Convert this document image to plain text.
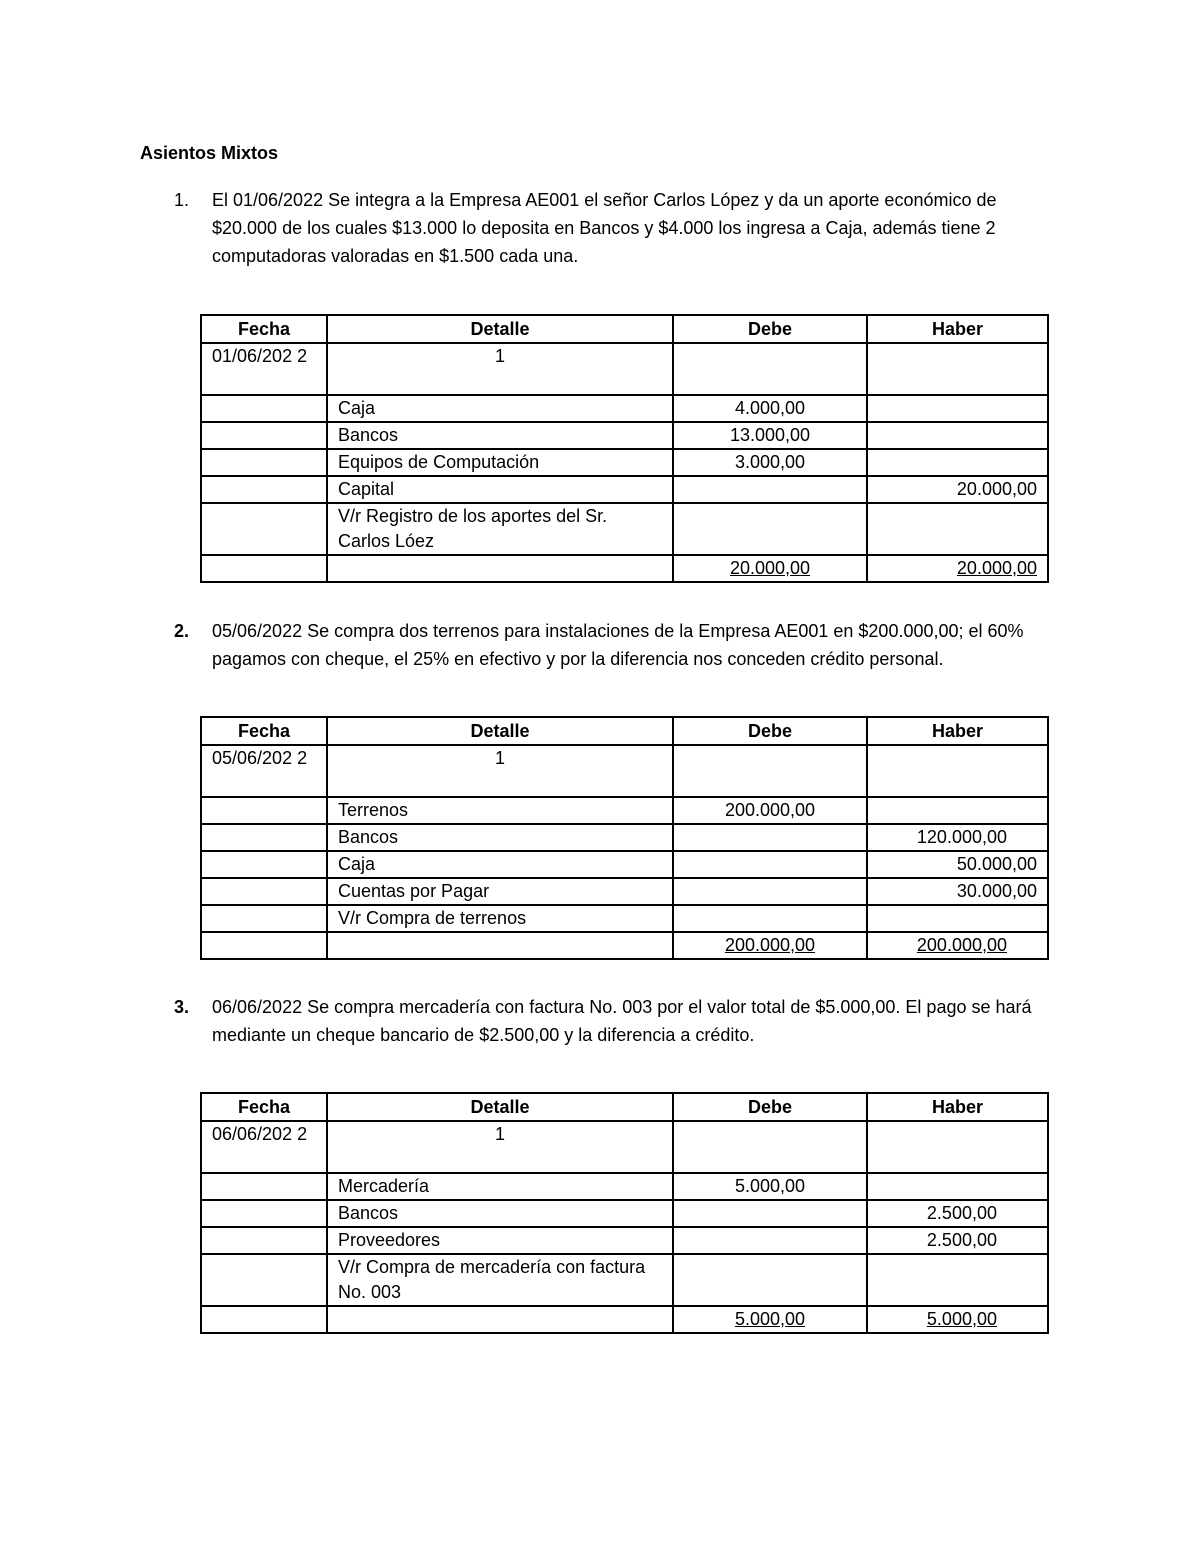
Asientos Mixtos
1. El 01/06/2022 Se integra a la Empresa AE001 el señor Carlos López y da un aporte económico de $20.000 de los cuales $13.000 lo deposita en Bancos y $4.000 los ingresa a Caja, además tiene 2 computadoras valoradas en $1.500 cada una.
Fecha	Detalle	Debe	Haber
01/06/202 2	1		
	Caja	4.000,00	
	Bancos	13.000,00	
	Equipos de Computación	3.000,00	
	Capital		20.000,00
	V/r Registro de los aportes del Sr. Carlos Lóez		
		20.000,00	20.000,00
2. 05/06/2022 Se compra dos terrenos para instalaciones de la Empresa AE001 en $200.000,00; el 60% pagamos con cheque, el 25% en efectivo y por la diferencia nos conceden crédito personal.
Fecha	Detalle	Debe	Haber
05/06/202 2	1		
	Terrenos	200.000,00	
	Bancos		120.000,00
	Caja		50.000,00
	Cuentas por Pagar		30.000,00
	V/r Compra de terrenos		
		200.000,00	200.000,00
3. 06/06/2022 Se compra mercadería con factura No. 003 por el valor total de $5.000,00. El pago se hará mediante un cheque bancario de $2.500,00 y la diferencia a crédito.
Fecha	Detalle	Debe	Haber
06/06/202 2	1		
	Mercadería	5.000,00	
	Bancos		2.500,00
	Proveedores		2.500,00
	V/r Compra de mercadería con factura No. 003		
		5.000,00	5.000,00
